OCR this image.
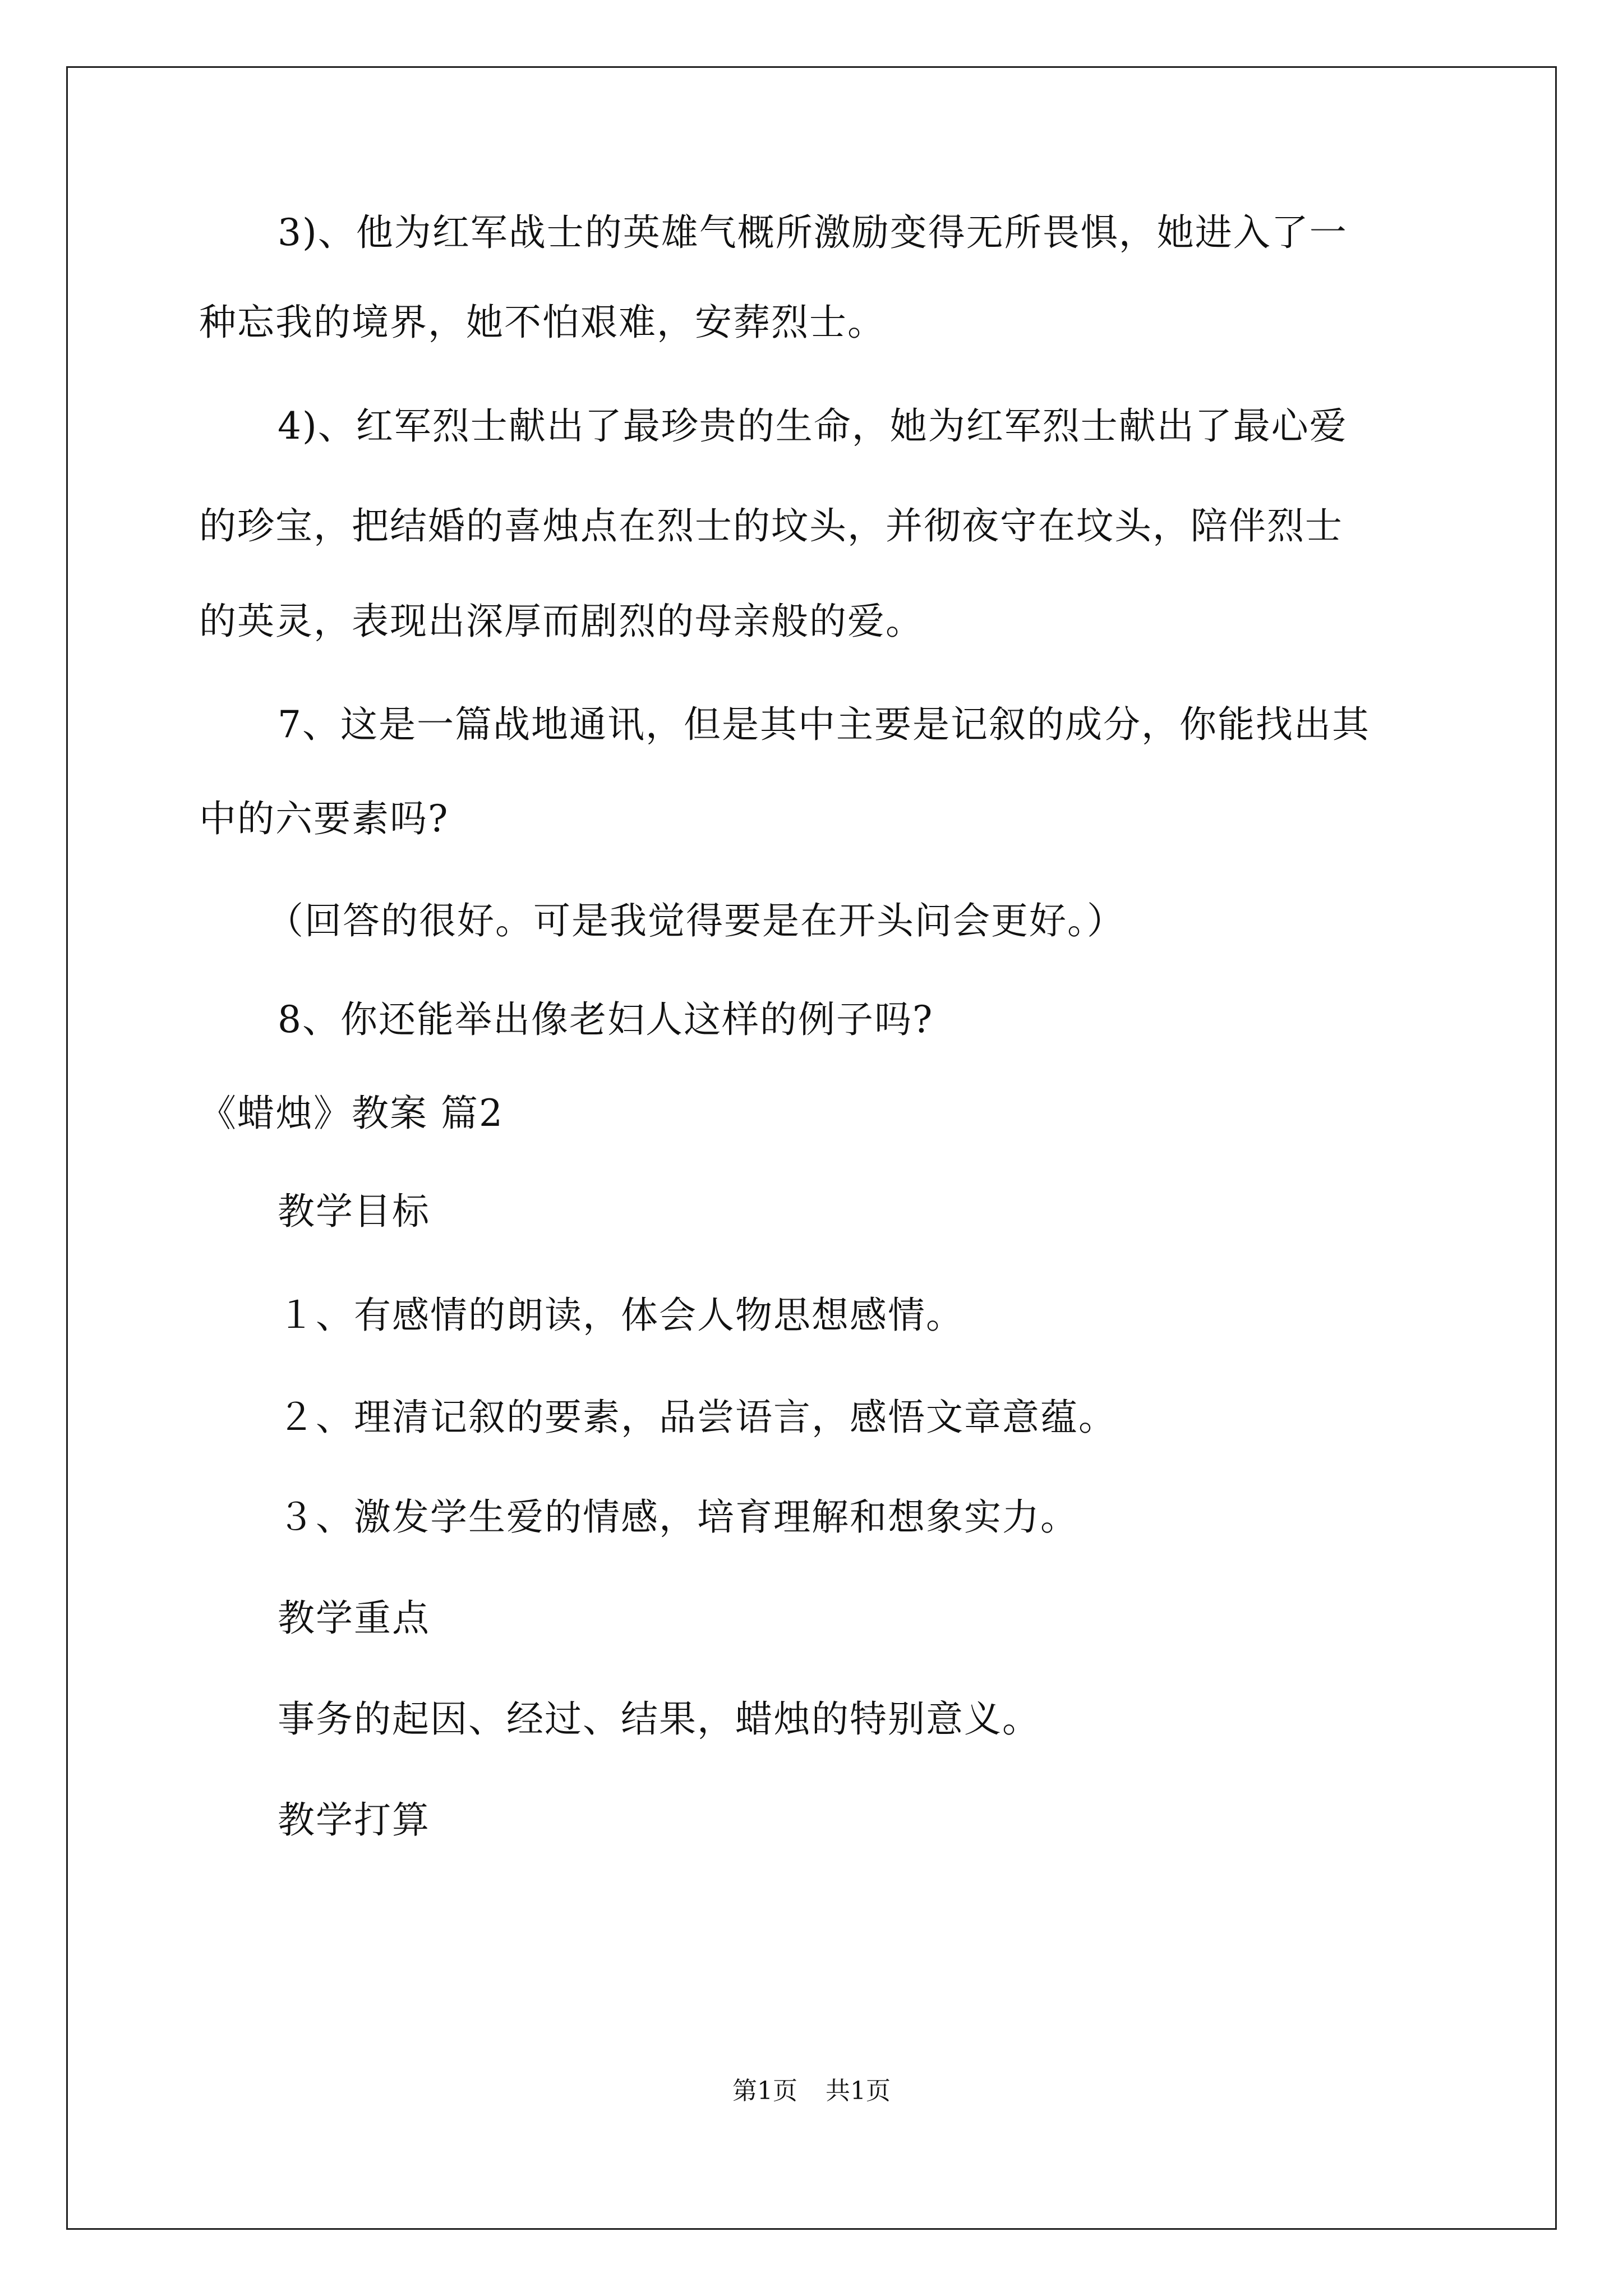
3)、他为红军战士的英雄气概所激励变得无所畏惧，她进入了一
种忘我的境界，她不怕艰难，安葬烈士。
4)、红军烈士献出了最珍贵的生命，她为红军烈士献出了最心爱
的珍宝，把结婚的喜烛点在烈士的坟头，并彻夜守在坟头，陪伴烈士
的英灵，表现出深厚而剧烈的母亲般的爱。
7、这是一篇战地通讯，但是其中主要是记叙的成分，你能找出其
中的六要素吗?
（回答的很好。可是我觉得要是在开头问会更好。）
8、你还能举出像老妇人这样的例子吗?
《蜡烛》教案 篇2
教学目标
１、有感情的朗读，体会人物思想感情。
２、理清记叙的要素，品尝语言，感悟文章意蕴。
３、激发学生爱的情感，培育理解和想象实力。
教学重点
事务的起因、经过、结果，蜡烛的特别意义。
教学打算
第1页 共1页
